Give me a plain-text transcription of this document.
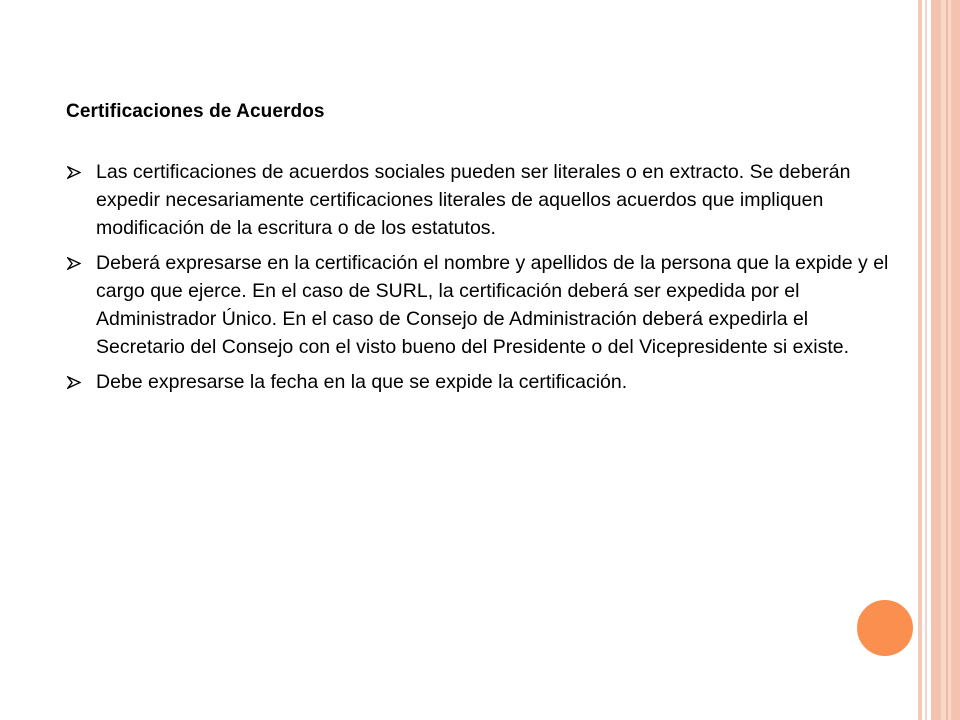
Certificaciones de Acuerdos
Las certificaciones de acuerdos sociales pueden ser literales o en extracto. Se deberán expedir necesariamente certificaciones literales de aquellos acuerdos que impliquen modificación de la escritura o de los estatutos.
Deberá expresarse en la certificación el nombre y apellidos de la persona que la expide y el cargo que ejerce. En el caso de SURL, la certificación deberá ser expedida por el Administrador Único. En el caso de Consejo de Administración deberá expedirla el Secretario del Consejo con el visto bueno del Presidente o del Vicepresidente si existe.
Debe expresarse la fecha en la que se expide la certificación.
